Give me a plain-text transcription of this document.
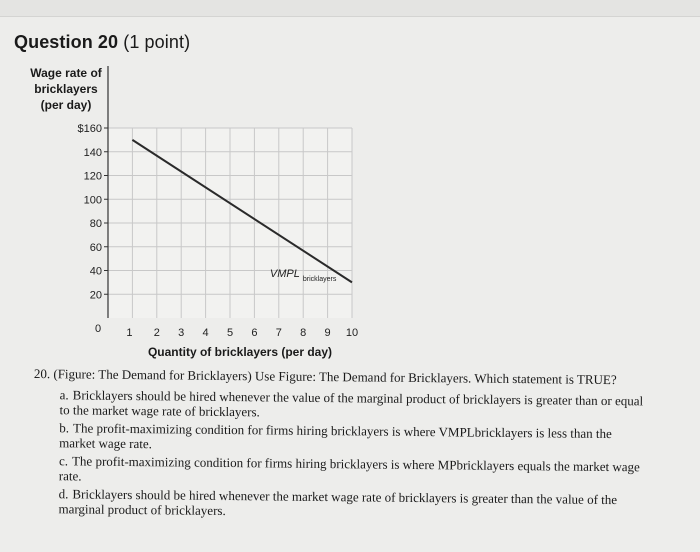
Question 20 (1 point)
Wage rate of
bricklayers
(per day)
$160
140
120
100
80
60
40
20
0 1 2 3 4 5 6 7 8 9 10
Quantity of bricklayers (per day)
VMPL bricklayers

20. (Figure: The Demand for Bricklayers) Use Figure: The Demand for Bricklayers. Which statement is TRUE?

a. Bricklayers should be hired whenever the value of the marginal product of bricklayers is greater than or equal to the market wage rate of bricklayers.
b. The profit-maximizing condition for firms hiring bricklayers is where VMPLbricklayers is less than the market wage rate.
c. The profit-maximizing condition for firms hiring bricklayers is where MPbricklayers equals the market wage rate.
d. Bricklayers should be hired whenever the market wage rate of bricklayers is greater than the value of the marginal product of bricklayers.
